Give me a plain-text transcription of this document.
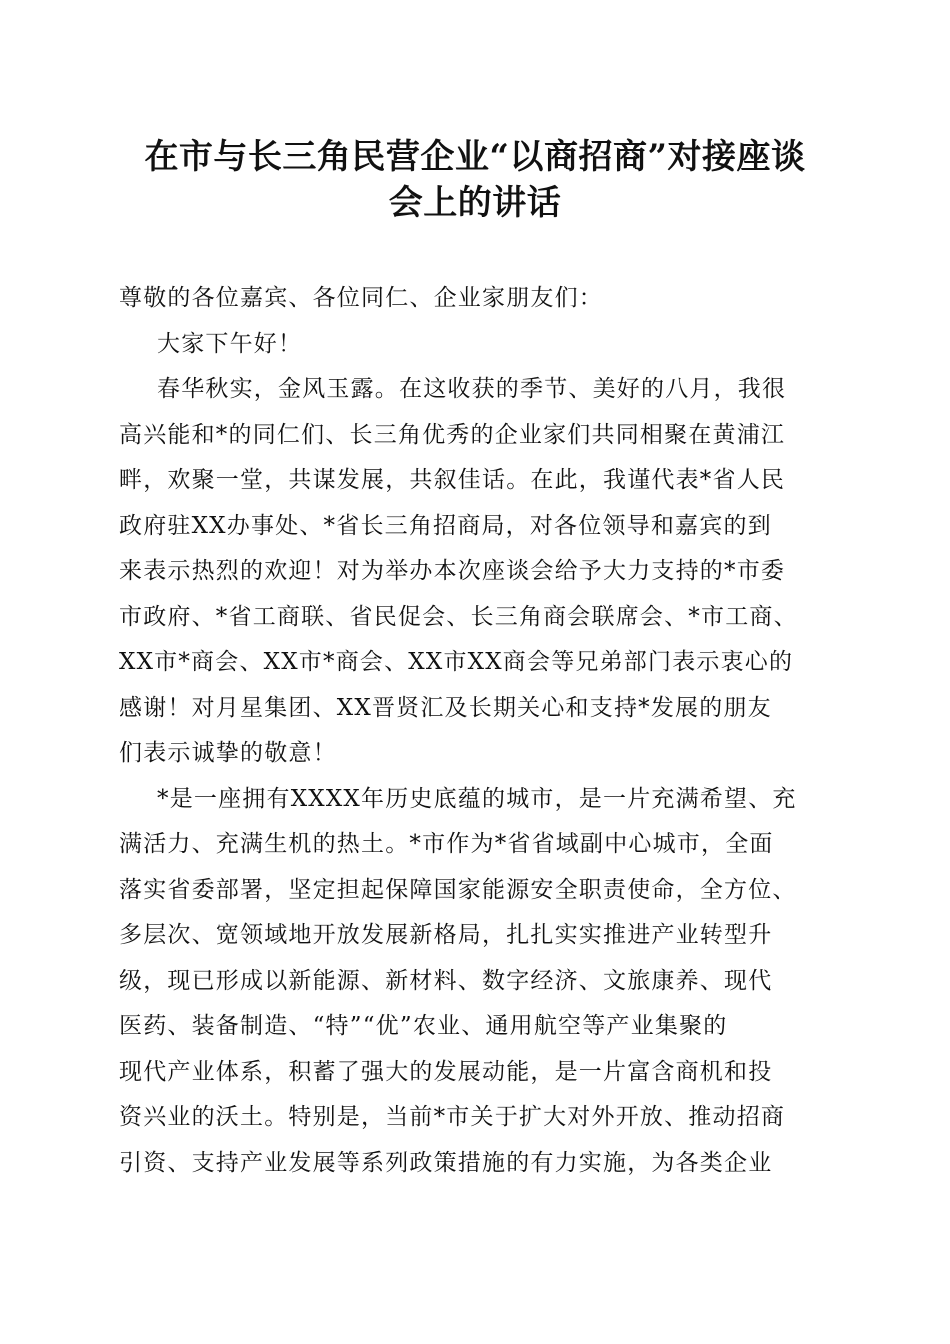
在市与长三角民营企业“以商招商”对接座谈
会上的讲话
尊敬的各位嘉宾、各位同仁、企业家朋友们：
大家下午好！
春华秋实，金风玉露。在这收获的季节、美好的八月，我很
高兴能和*的同仁们、长三角优秀的企业家们共同相聚在黄浦江
畔，欢聚一堂，共谋发展，共叙佳话。在此，我谨代表*省人民
政府驻XX办事处、*省长三角招商局，对各位领导和嘉宾的到
来表示热烈的欢迎！对为举办本次座谈会给予大力支持的*市委
市政府、*省工商联、省民促会、长三角商会联席会、*市工商、
XX市*商会、XX市*商会、XX市XX商会等兄弟部门表示衷心的
感谢！对月星集团、XX晋贤汇及长期关心和支持*发展的朋友
们表示诚挚的敬意！
*是一座拥有XXXX年历史底蕴的城市，是一片充满希望、充
满活力、充满生机的热土。*市作为*省省域副中心城市，全面
落实省委部署，坚定担起保障国家能源安全职责使命，全方位、
多层次、宽领域地开放发展新格局，扎扎实实推进产业转型升
级，现已形成以新能源、新材料、数字经济、文旅康养、现代
医药、装备制造、“特”“优”农业、通用航空等产业集聚的
现代产业体系，积蓄了强大的发展动能，是一片富含商机和投
资兴业的沃土。特别是，当前*市关于扩大对外开放、推动招商
引资、支持产业发展等系列政策措施的有力实施，为各类企业
